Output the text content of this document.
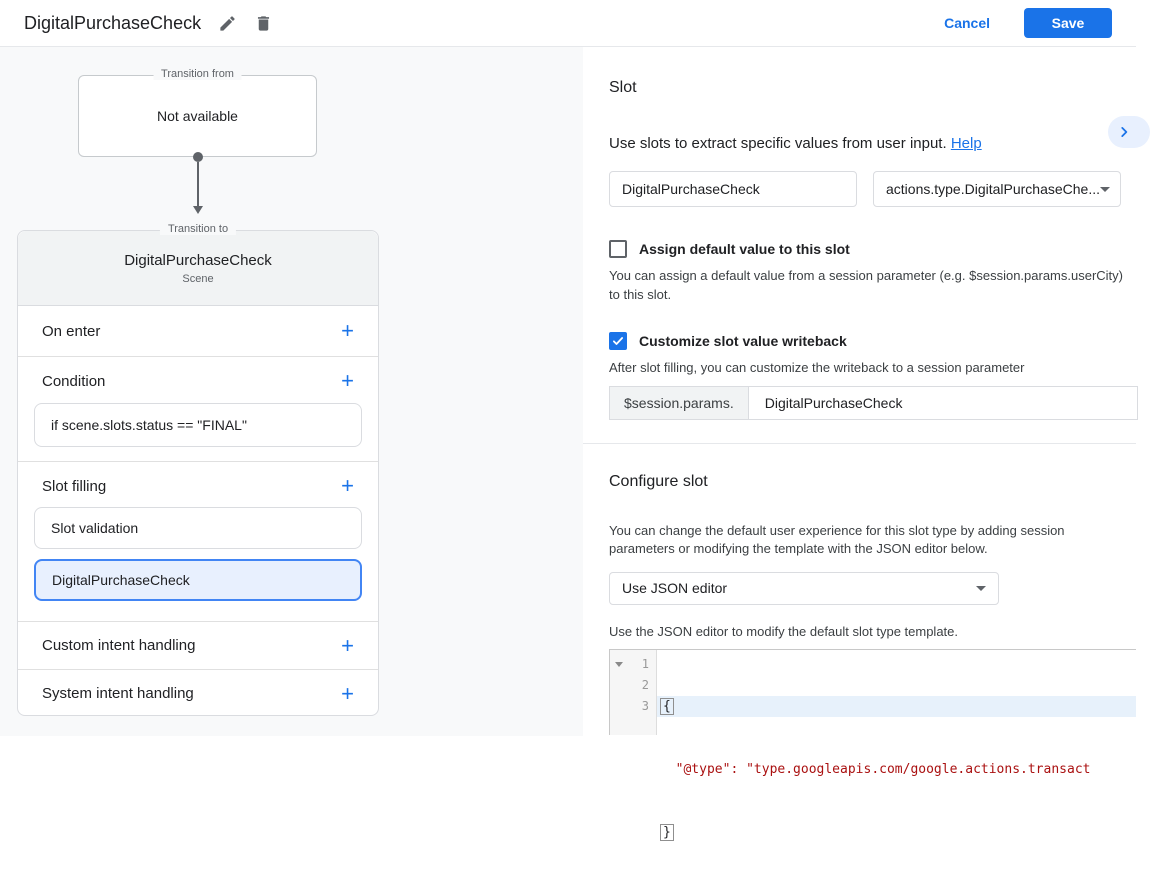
DigitalPurchaseCheck	Cancel	Save
Transition from
Not available
Transition to
DigitalPurchaseCheck
Scene
On enter	+
Condition	+
if scene.slots.status == "FINAL"
Slot filling	+
Slot validation
DigitalPurchaseCheck
Custom intent handling	+
System intent handling	+
Slot

Use slots to extract specific values from user input. Help

DigitalPurchaseCheck
actions.type.DigitalPurchaseChe...
Assign default value to this slot

You can assign a default value from a session parameter (e.g. $session.params.userCity) to this slot.

Customize slot value writeback

After slot filling, you can customize the writeback to a session parameter

$session.params.
DigitalPurchaseCheck
Configure slot

You can change the default user experience for this slot type by adding session parameters or modifying the template with the JSON editor below.

Use JSON editor

Use the JSON editor to modify the default slot type template.

1
2
3

	{

"@type": "type.googleapis.com/google.actions.transact

}
